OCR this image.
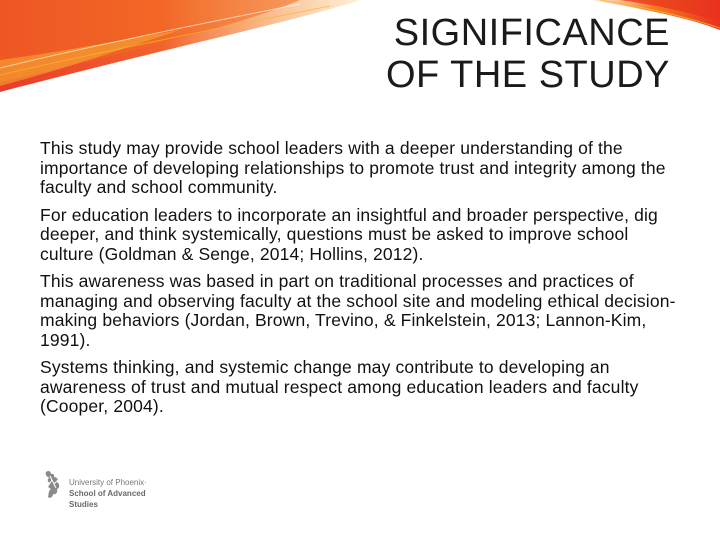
SIGNIFICANCE
OF THE STUDY

This study may provide school leaders with a deeper understanding of the importance of developing relationships to promote trust and integrity among the faculty and school community.

For education leaders to incorporate an insightful and broader perspective, dig deeper, and think systemically, questions must be asked to improve school culture (Goldman & Senge, 2014; Hollins, 2012).

This awareness was based in part on traditional processes and practices of managing and observing faculty at the school site and modeling ethical decision-making behaviors (Jordan, Brown, Trevino, & Finkelstein, 2013; Lannon-Kim, 1991).

Systems thinking, and systemic change may contribute to developing an awareness of trust and mutual respect among education leaders and faculty (Cooper, 2004).

University of Phoenix·
School of Advanced
Studies
